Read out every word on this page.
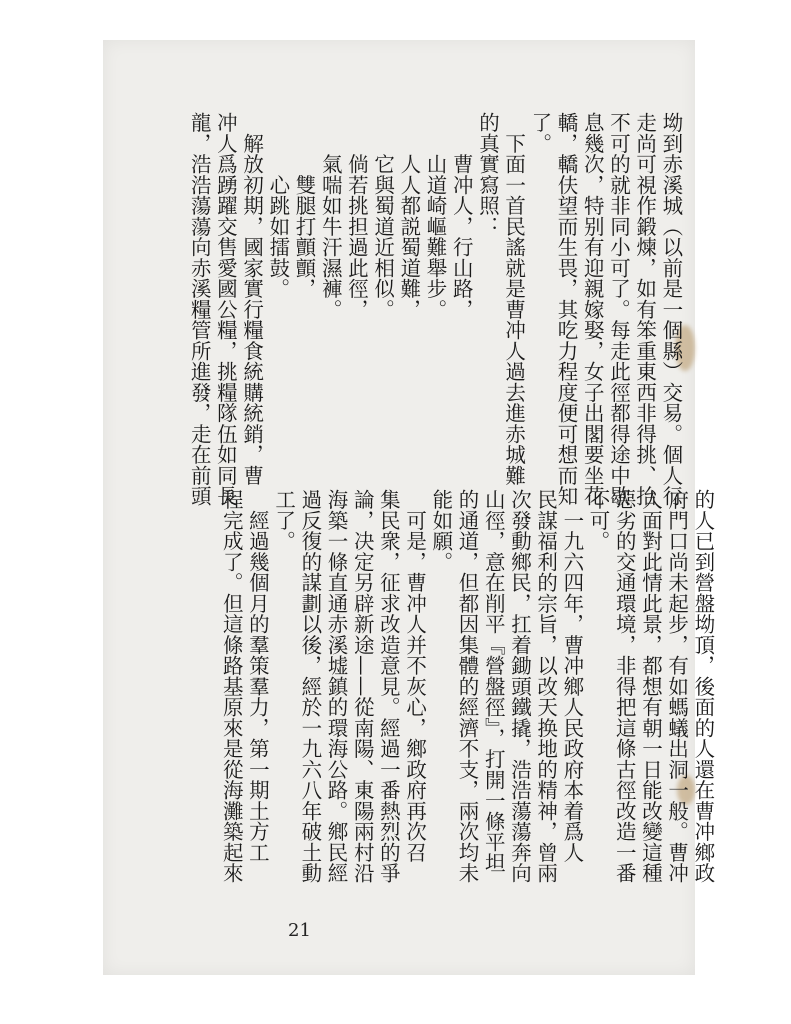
坳到赤溪城（以前是一個縣）交易。個人行
走尚可視作鍛煉，如有笨重東西非得挑、抬
不可的就非同小可了。每走此徑都得途中歇
息幾次，特别有迎親嫁娶，女子出閣要坐花
轎，轎伕望而生畏，其吃力程度便可想而知
了。
　下面一首民謠就是曹冲人過去進赤城難
的真實寫照：
　　曹冲人，行山路，
　　山道崎嶇難舉步。
　　人人都説蜀道難，
　　它與蜀道近相似。
　　倘若挑担過此徑，
　　氣喘如牛汗濕褲。
　　　雙腿打顫顫，
　　　心跳如擂鼓。
　解放初期，國家實行糧食統購統銷，曹
冲人爲踴躍交售愛國公糧，挑糧隊伍如同長
龍，浩浩蕩蕩向赤溪糧管所進發，走在前頭
的人已到營盤坳頂，後面的人還在曹冲鄉政
府門口尚未起步，有如螞蟻出洞一般。曹冲
人面對此情此景，都想有朝一日能改變這種
惡劣的交通環境，非得把這條古徑改造一番
不可。
　一九六四年，曹冲鄉人民政府本着爲人
民謀福利的宗旨，以改天换地的精神，曾兩
次發動鄉民，扛着鋤頭鐵撬，浩浩蕩蕩奔向
山徑，意在削平『營盤徑』，打開一條平坦
的通道，但都因集體的經濟不支，兩次均未
能如願。
　可是，曹冲人并不灰心，鄉政府再次召
集民衆，征求改造意見。經過一番熱烈的爭
論，决定另辟新途——從南陽、東陽兩村沿
海築一條直通赤溪墟鎮的環海公路。鄉民經
過反復的謀劃以後，經於一九六八年破土動
工了。
　經過幾個月的羣策羣力，第一期土方工
程完成了。但這條路基原來是從海灘築起來
21
